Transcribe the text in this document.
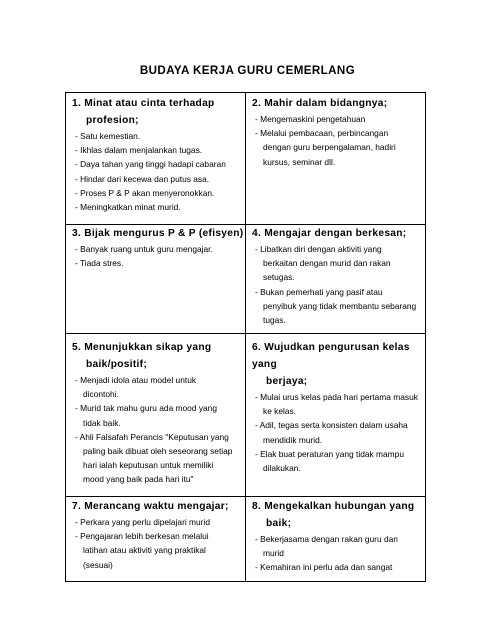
BUDAYA KERJA GURU CEMERLANG
1. Minat atau cinta terhadap
profesion;
- Satu kemestian.
- Ikhlas dalam menjalankan tugas.
- Daya tahan yang tinggi hadapi cabaran
- Hindar dari kecewa dan putus asa.
- Proses P & P akan menyeronokkan.
- Meningkatkan minat murid.
2. Mahir dalam bidangnya;
- Mengemaskini pengetahuan
- Melalui pembacaan, perbincangan
dengan guru berpengalaman, hadiri
kursus, seminar dll.
3. Bijak mengurus P & P (efisyen)
- Banyak ruang untuk guru mengajar.
- Tiada stres.
4. Mengajar dengan berkesan;
- Libatkan diri dengan aktiviti yang
berkaitan dengan murid dan rakan
setugas.
- Bukan pemerhati yang pasif atau
penyibuk yang tidak membantu sebarang
tugas.
5. Menunjukkan sikap yang
baik/positif;
- Menjadi idola atau model untuk
dicontohi.
- Murid tak mahu guru ada mood yang
tidak baik.
- Ahli Falsafah Perancis "Keputusan yang
paling baik dibuat oleh seseorang setiap
hari ialah keputusan untuk memiliki
mood yang baik pada hari itu"
6. Wujudkan pengurusan kelas yang
berjaya;
- Mulai urus kelas pada hari pertama masuk
ke kelas.
- Adil, tegas serta konsisten dalam usaha
mendidik murid.
- Elak buat peraturan yang tidak mampu
dilakukan.
7. Merancang waktu mengajar;
- Perkara yang perlu dipelajari murid
- Pengajaran lebih berkesan melalui
latihan atau aktiviti yang praktikal
(sesuai)
8. Mengekalkan hubungan yang
baik;
- Bekerjasama dengan rakan guru dan
murid
- Kemahiran ini perlu ada dan sangat
